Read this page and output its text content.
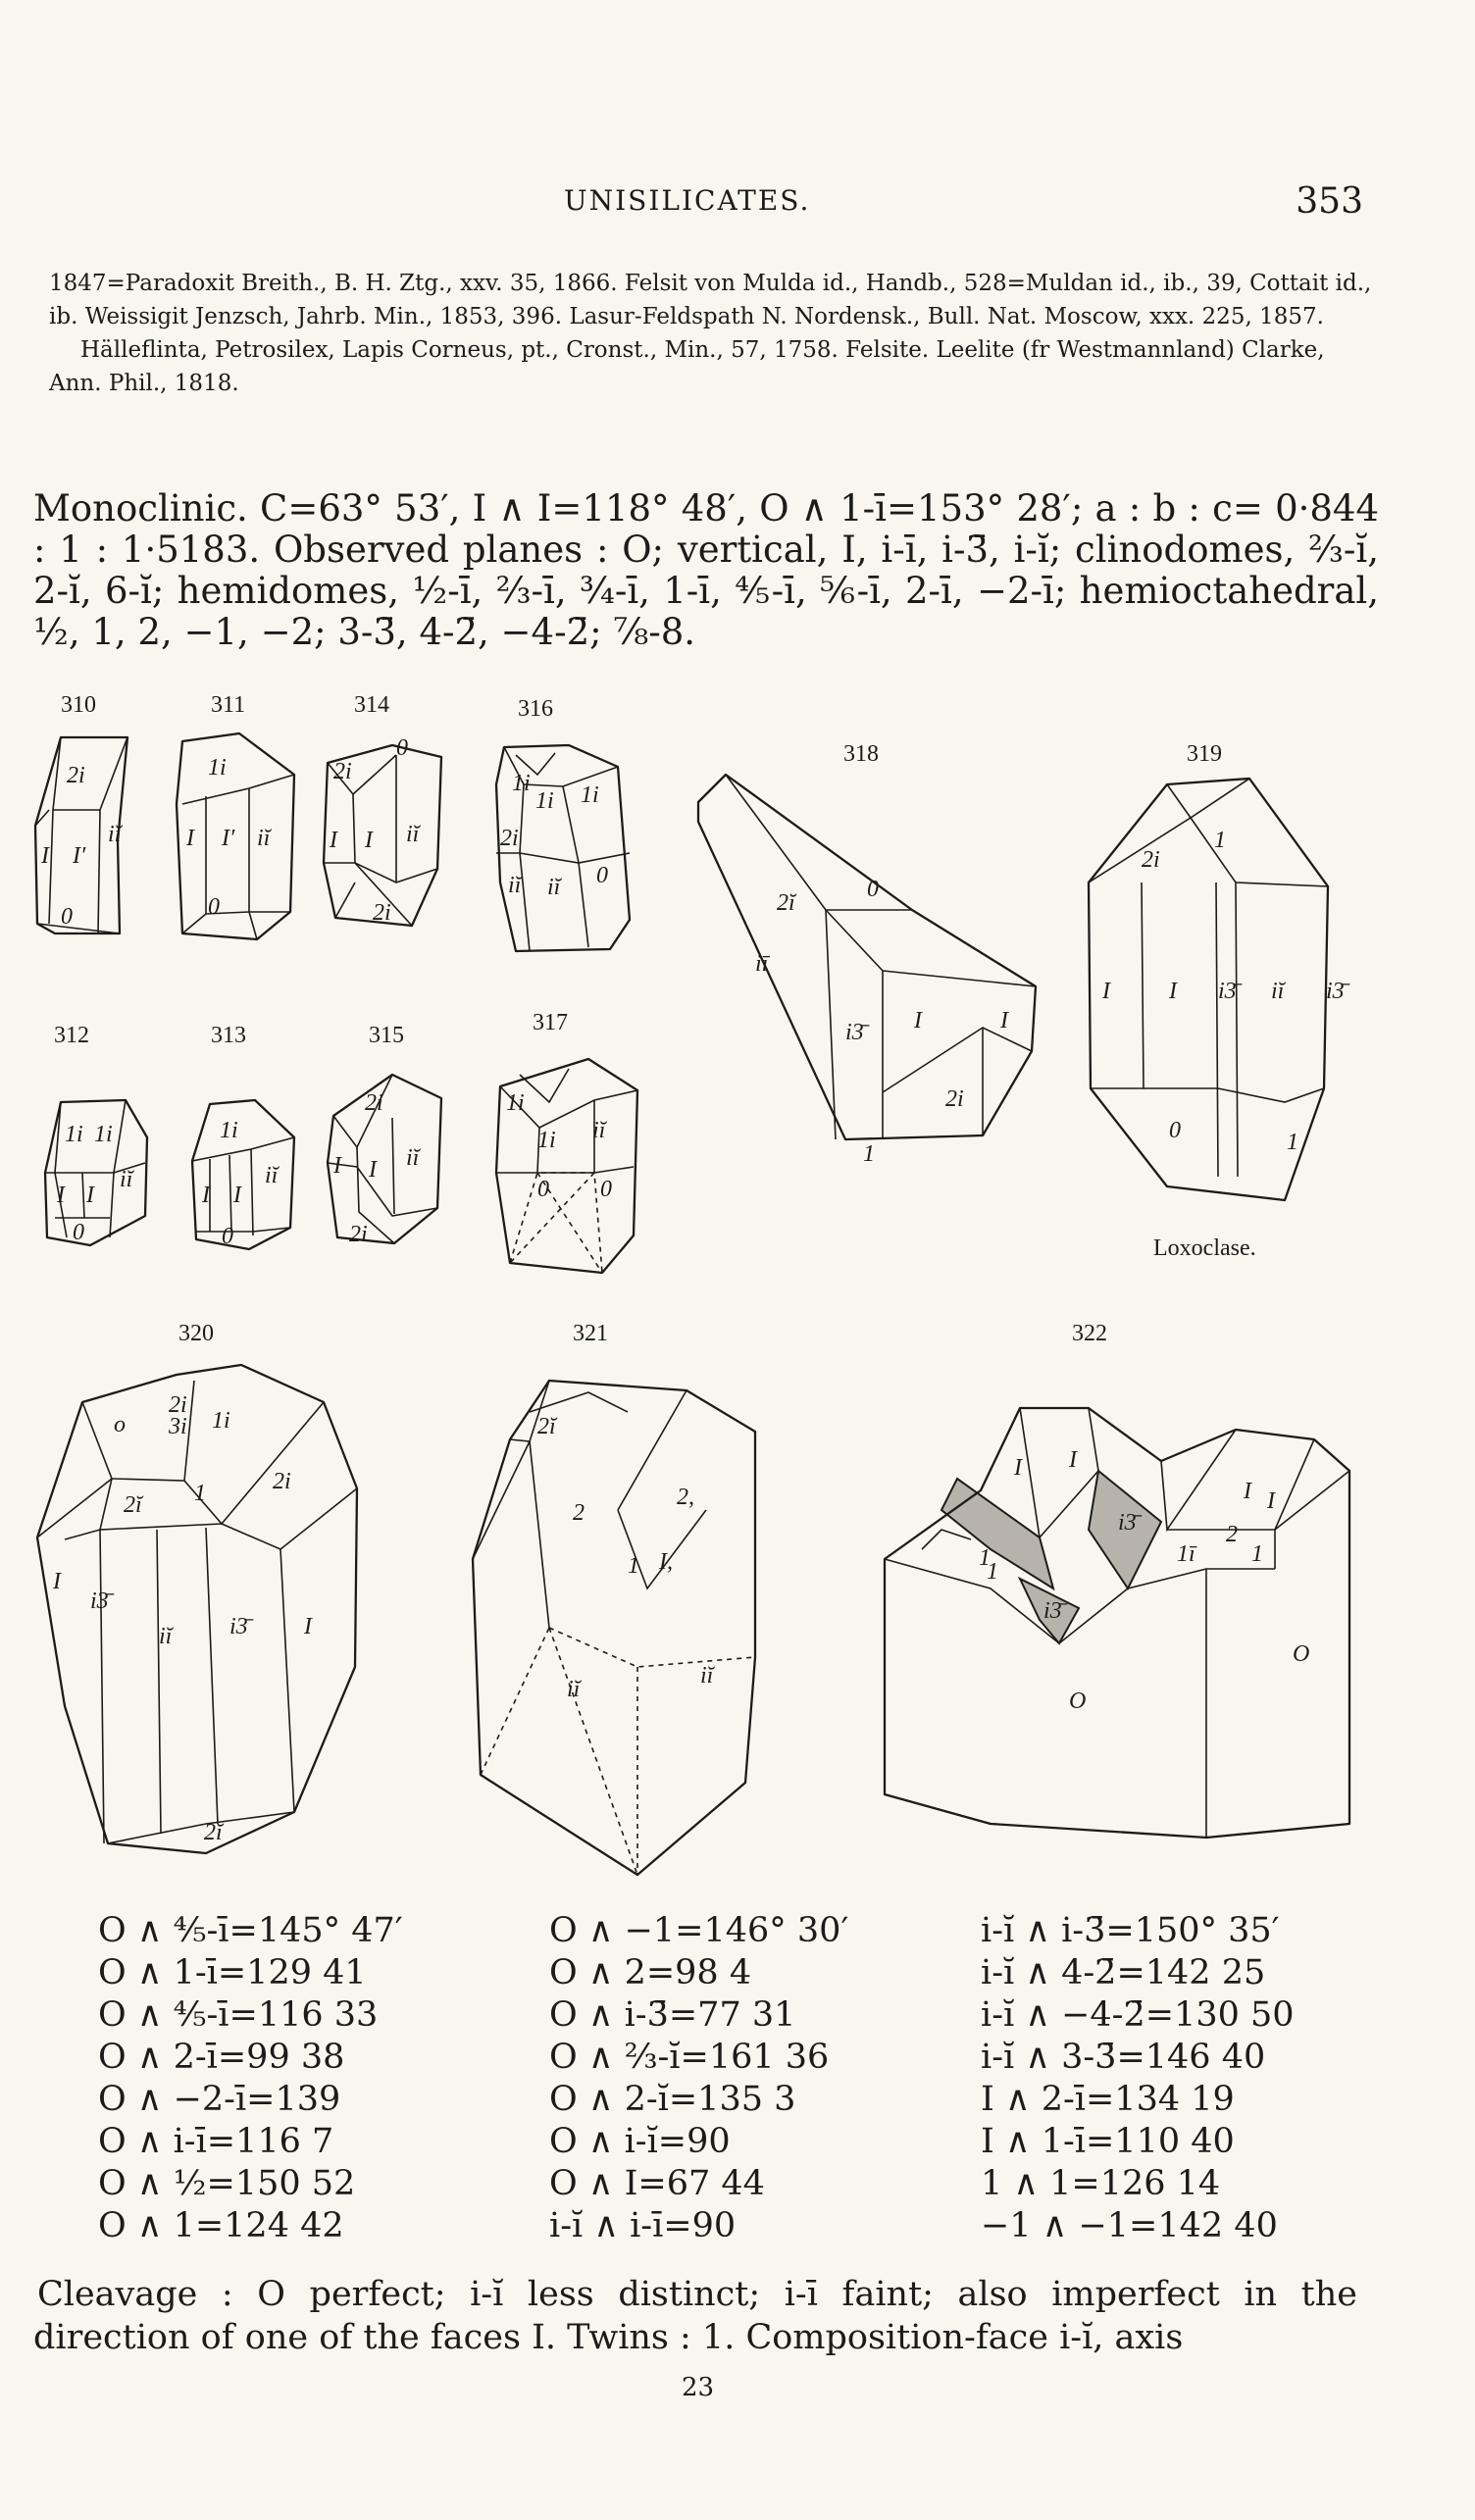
UNISILICATES.	353

1847=Paradoxit Breith., B. H. Ztg., xxv. 35, 1866. Felsit von Mulda id., Handb., 528=Muldan id., ib., 39, Cottait id., ib. Weissigit Jenzsch, Jahrb. Min., 1853, 396. Lasur-Feldspath N. Nordensk., Bull. Nat. Moscow, xxx. 225, 1857.

Hälleflinta, Petrosilex, Lapis Corneus, pt., Cronst., Min., 57, 1758. Felsite. Leelite (fr Westmannland) Clarke, Ann. Phil., 1818.

Monoclinic. C=63° 53′, I ∧ I=118° 48′, O ∧ 1-ī=153° 28′; a : b : c= 0·844 : 1 : 1·5183. Observed planes : O; vertical, I, i-ī, i-3̄, i-ĭ; clinodomes, ⅔-ĭ, 2-ĭ, 6-ĭ; hemidomes, ½-ī, ⅔-ī, ¾-ī, 1-ī, ⅘-ī, ⅚-ī, 2-ī, −2-ī; hemioctahedral, ½, 1, 2, −1, −2; 3-3̄, 4-2̄, −4-2̄; ⅞-8.

310	311	314	316
318	319
312	313	315	317
320	321	322
Loxoclase.
2i
I I′
iĭ
0
1i
I I′ iĭ
0
2i
0
I I iĭ
2i
1i
1i 1i
2i
iĭ iĭ 0
2ĭ
0
iī
i3̄ I	I
2i
1
2i
1
I	I i3̄ iĭ i3̄
0	1
1i 1i
I I
iĭ
0
1i
I I
iĭ
0
2i
I I iĭ
2i
1i
1i iĭ
0 0
o
2i
3i 1i
2ĭ 1	2i
I
i3̄
iĭ i3̄ I
2ĭ
2ĭ
2
2,
1 I,
iĭ
iĭ
I I
I I
1
i3̄
i3̄
1
1ī
2
1
O
O
O ∧ ⅘-ī=145° 47′
O ∧ 1-ī=129 41
O ∧ ⅘-ī=116 33
O ∧ 2-ī=99 38
O ∧ −2-ī=139
O ∧ i-ī=116 7
O ∧ ½=150 52
O ∧ 1=124 42
O ∧ −1=146° 30′
O ∧ 2=98 4
O ∧ i-3̄=77 31
O ∧ ⅔-ĭ=161 36
O ∧ 2-ĭ=135 3
O ∧ i-ĭ=90
O ∧ I=67 44
i-ĭ ∧ i-ī=90
i-ĭ ∧ i-3̄=150° 35′
i-ĭ ∧ 4-2̄=142 25
i-ĭ ∧ −4-2̄=130 50
i-ĭ ∧ 3-3̄=146 40
I ∧ 2-ī=134 19
I ∧ 1-ī=110 40
1 ∧ 1=126 14
−1 ∧ −1=142 40
Cleavage : O perfect; i-ĭ less distinct; i-ī faint; also imperfect in the direction of one of the faces I. Twins : 1. Composition-face i-ĭ, axis
23
